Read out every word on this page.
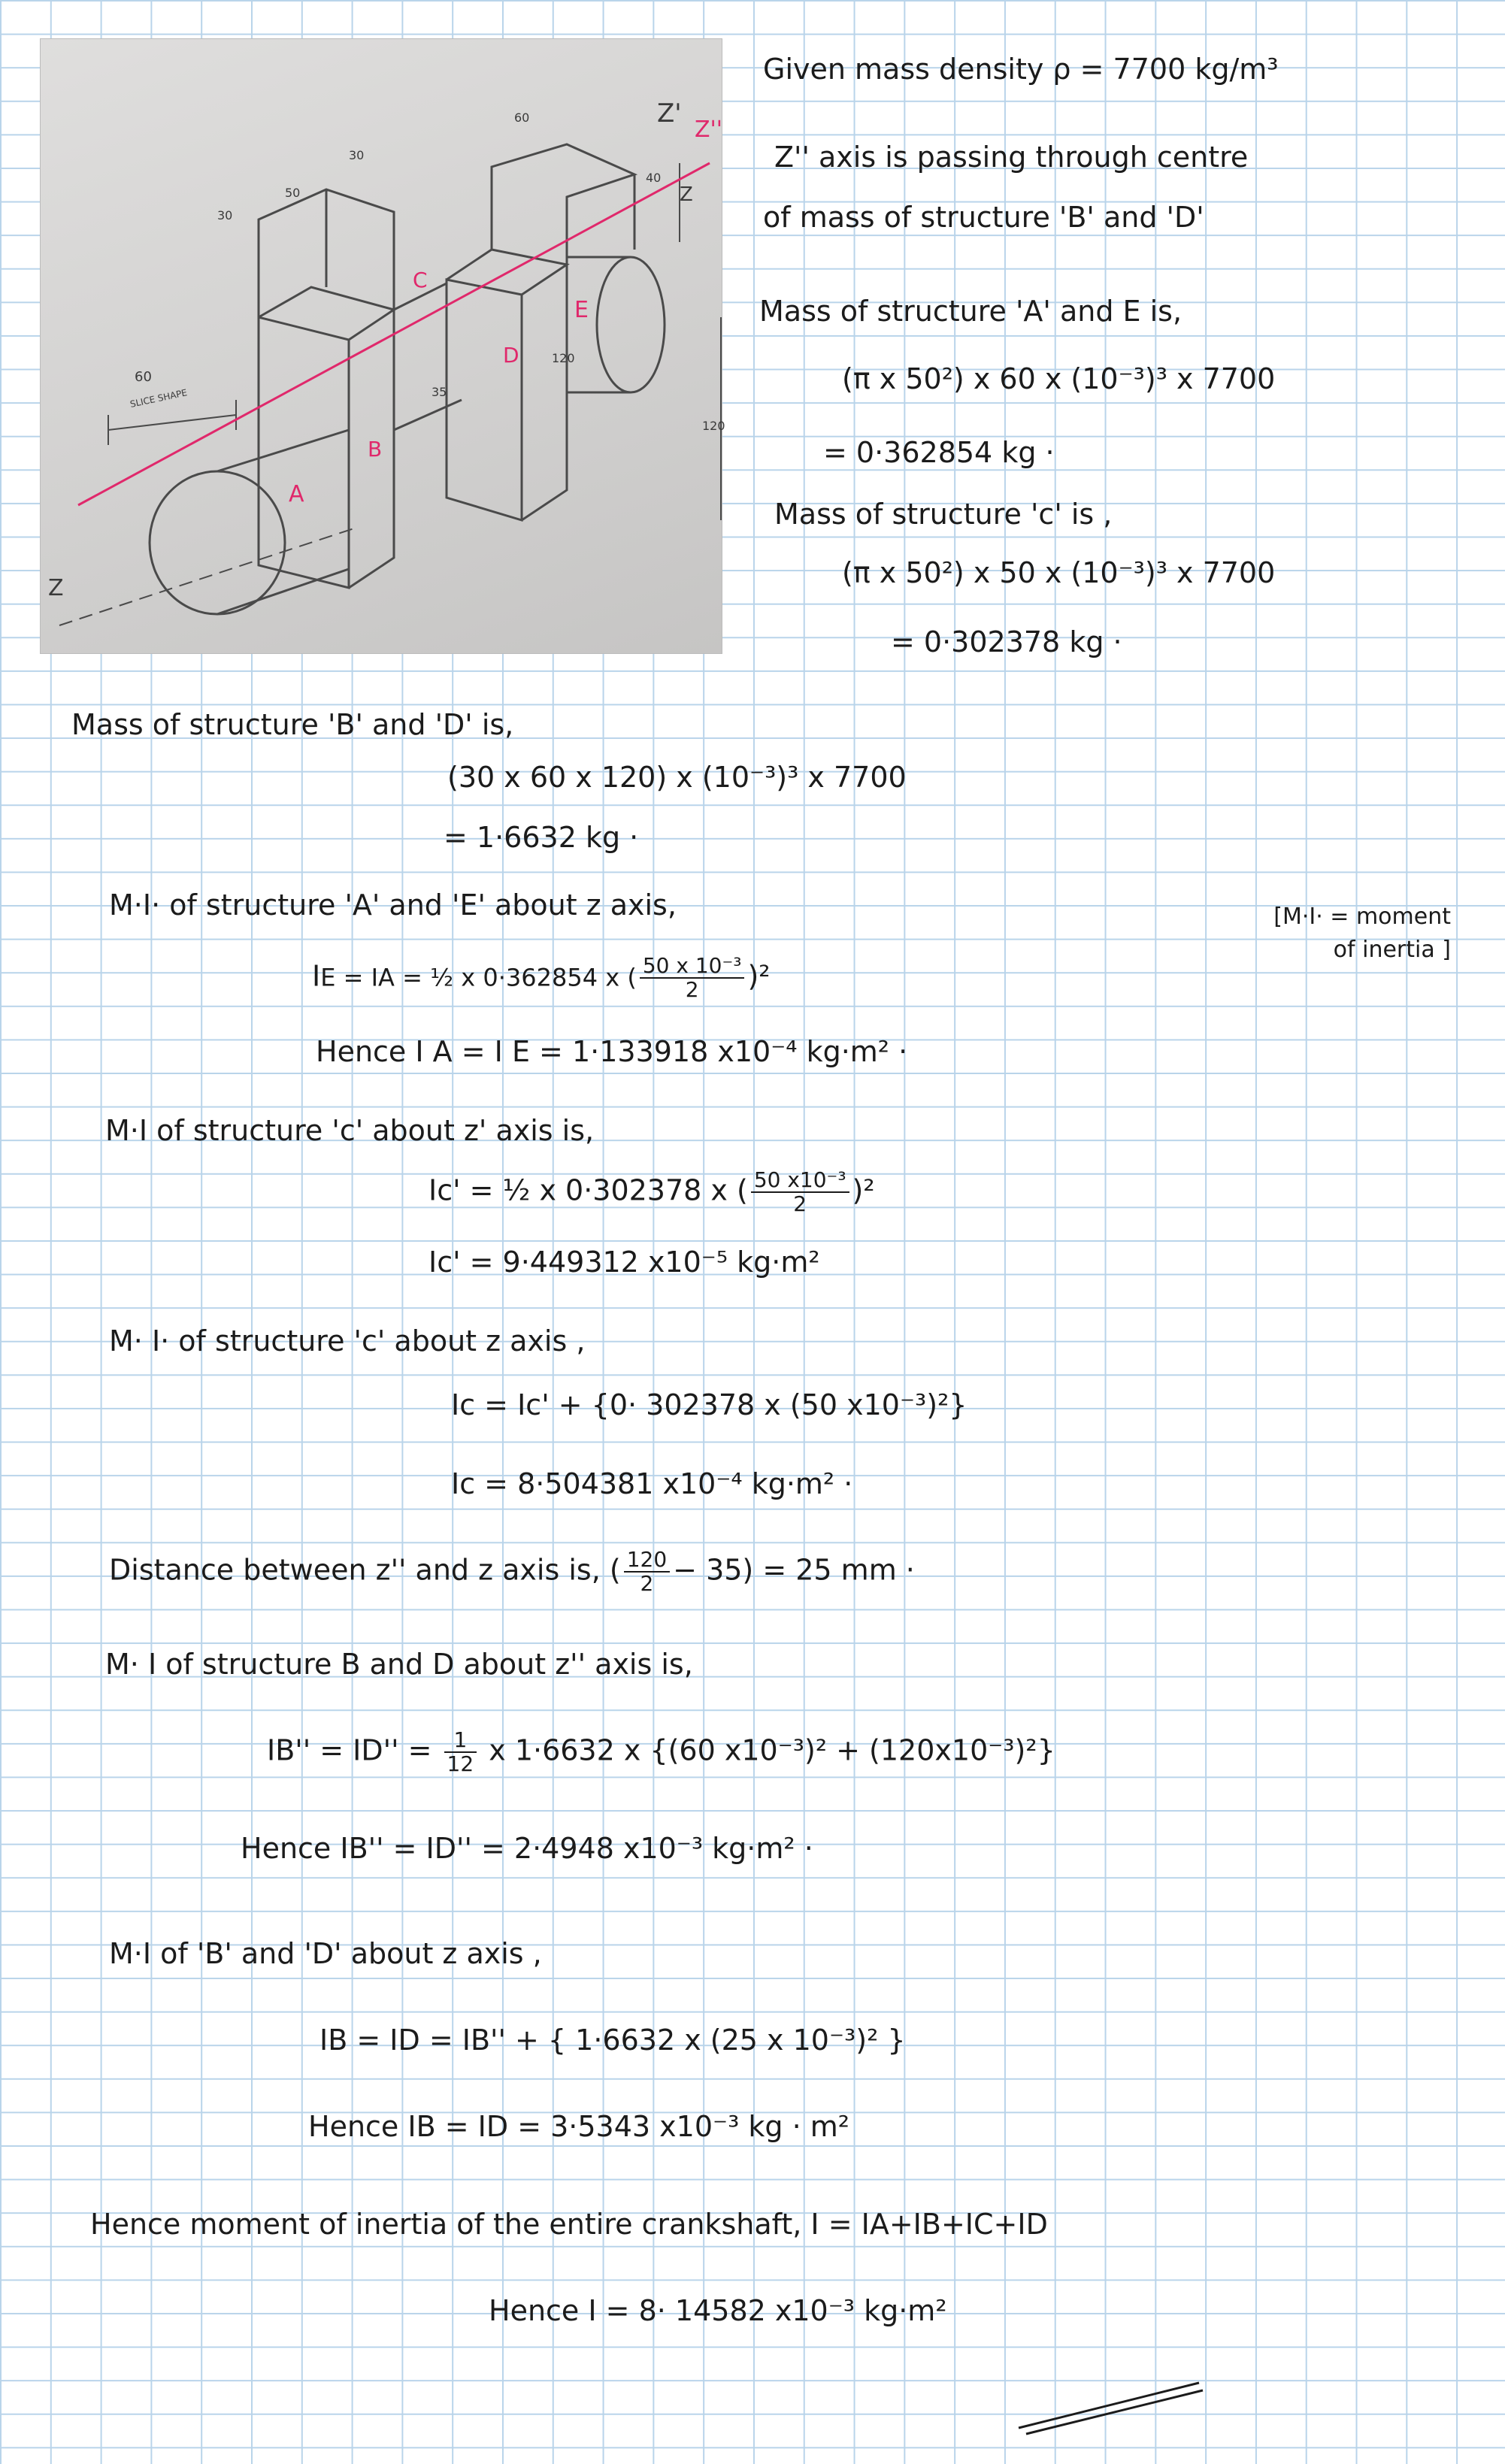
Z'
Z''
Z
Z
A
B
C
D
E
60
30
50
30
60
40
35
120
120
SLICE SHAPE
Given mass density ρ = 7700 kg/m³
Z'' axis is passing through centre
of mass of structure 'B' and 'D'
Mass of structure 'A' and E is,
(π x 50²) x 60 x (10⁻³)³ x 7700
= 0·362854 kg ·
Mass of structure 'c' is ,
(π x 50²) x 50 x (10⁻³)³ x 7700
= 0·302378 kg ·
Mass of structure 'B' and 'D' is,
(30 x 60 x 120) x (10⁻³)³ x 7700
= 1·6632 kg ·
M·I· of structure 'A' and 'E' about z axis,	[M·I· = moment
of inertia ]
IE = IA = ½ x 0·362854 x ( $\frac{\text{50 x 10⁻³}}{2} )^2$
Hence I A = I E = 1·133918 x10⁻⁴ kg·m² ·
M·I of structure 'c' about z' axis is,
Ic' = ½ x 0·302378 x ( $\frac{\text{50 x10⁻³}}{2} )^2$
Ic' = 9·449312 x10⁻⁵ kg·m²
M· I· of structure 'c' about z axis ,
Ic = Ic' + {0· 302378 x (50 x10⁻³)²}
Ic = 8·504381 x10⁻⁴ kg·m² ·
Distance between z'' and z axis is, ( $\frac{120}{2} - 35) = 25$ mm ·
M· I of structure B and D about z'' axis is,
$IB'' = ID'' = \frac{1}{12}$ x 1·6632 x {(60 x10⁻³)² + (120x10⁻³)²}
Hence IB'' = ID'' = 2·4948 x10⁻³ kg·m² ·
M·I of 'B' and 'D' about z axis ,
IB = ID = IB'' + { 1·6632 x (25 x 10⁻³)² }
Hence IB = ID = 3·5343 x10⁻³ kg · m²
Hence moment of inertia of the entire crankshaft, I = IA+IB+IC+ID
Hence I = 8· 14582 x10⁻³ kg·m²
